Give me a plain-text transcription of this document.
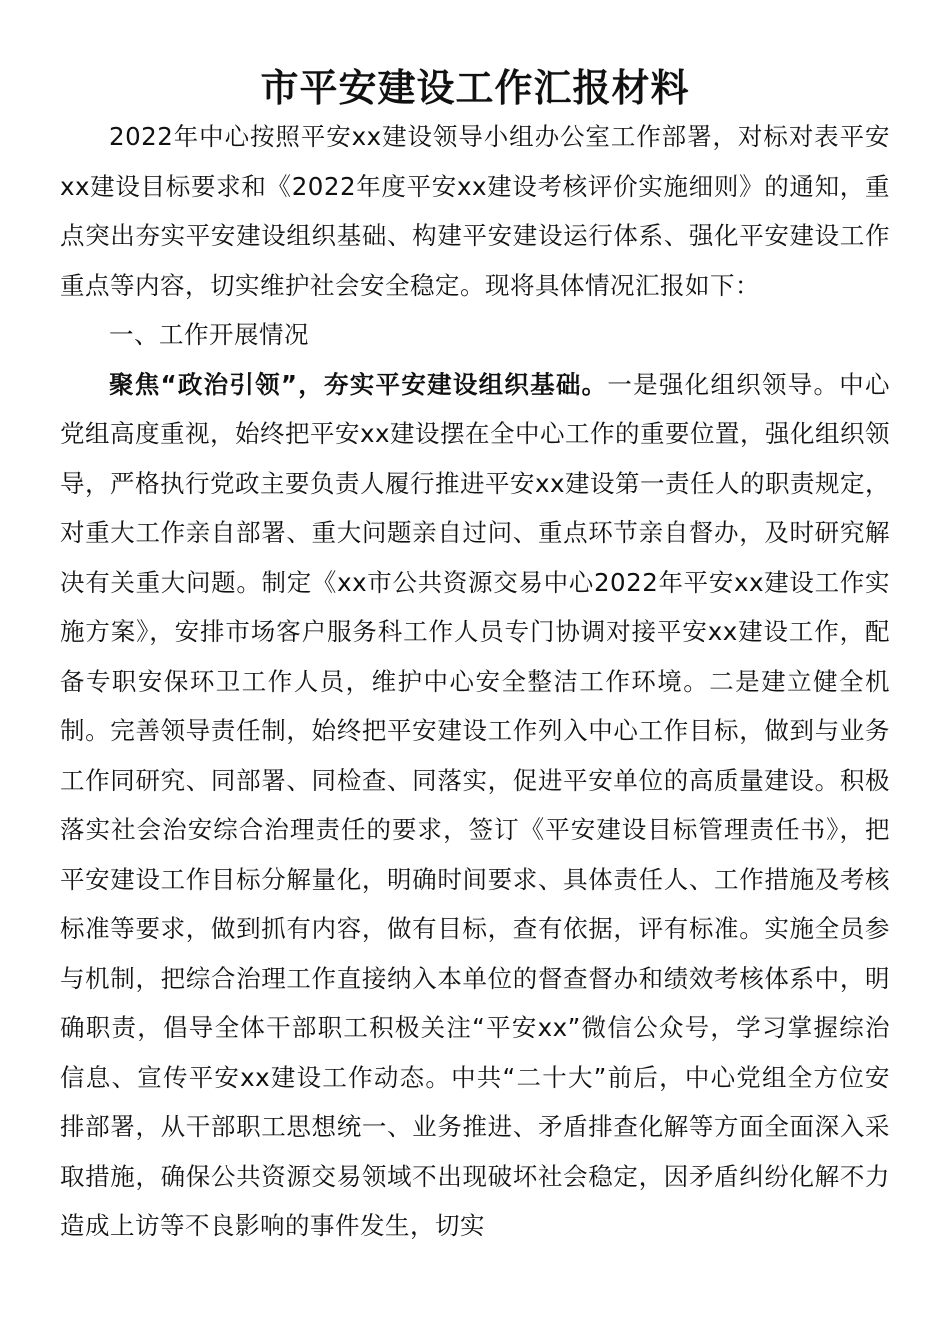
市平安建设工作汇报材料

2022年中心按照平安xx建设领导小组办公室工作部署，对标对表平安xx建设目标要求和《2022年度平安xx建设考核评价实施细则》的通知，重点突出夯实平安建设组织基础、构建平安建设运行体系、强化平安建设工作重点等内容，切实维护社会安全稳定。现将具体情况汇报如下：

一、工作开展情况

聚焦“政治引领”，夯实平安建设组织基础。一是强化组织领导。中心党组高度重视，始终把平安xx建设摆在全中心工作的重要位置，强化组织领导，严格执行党政主要负责人履行推进平安xx建设第一责任人的职责规定，对重大工作亲自部署、重大问题亲自过问、重点环节亲自督办，及时研究解决有关重大问题。制定《xx市公共资源交易中心2022年平安xx建设工作实施方案》，安排市场客户服务科工作人员专门协调对接平安xx建设工作，配备专职安保环卫工作人员，维护中心安全整洁工作环境。二是建立健全机制。完善领导责任制，始终把平安建设工作列入中心工作目标，做到与业务工作同研究、同部署、同检查、同落实，促进平安单位的高质量建设。积极落实社会治安综合治理责任的要求，签订《平安建设目标管理责任书》，把平安建设工作目标分解量化，明确时间要求、具体责任人、工作措施及考核标准等要求，做到抓有内容，做有目标，查有依据，评有标准。实施全员参与机制，把综合治理工作直接纳入本单位的督查督办和绩效考核体系中，明确职责，倡导全体干部职工积极关注“平安xx”微信公众号，学习掌握综治信息、宣传平安xx建设工作动态。中共“二十大”前后，中心党组全方位安排部署，从干部职工思想统一、业务推进、矛盾排查化解等方面全面深入采取措施，确保公共资源交易领域不出现破坏社会稳定，因矛盾纠纷化解不力造成上访等不良影响的事件发生，切实
